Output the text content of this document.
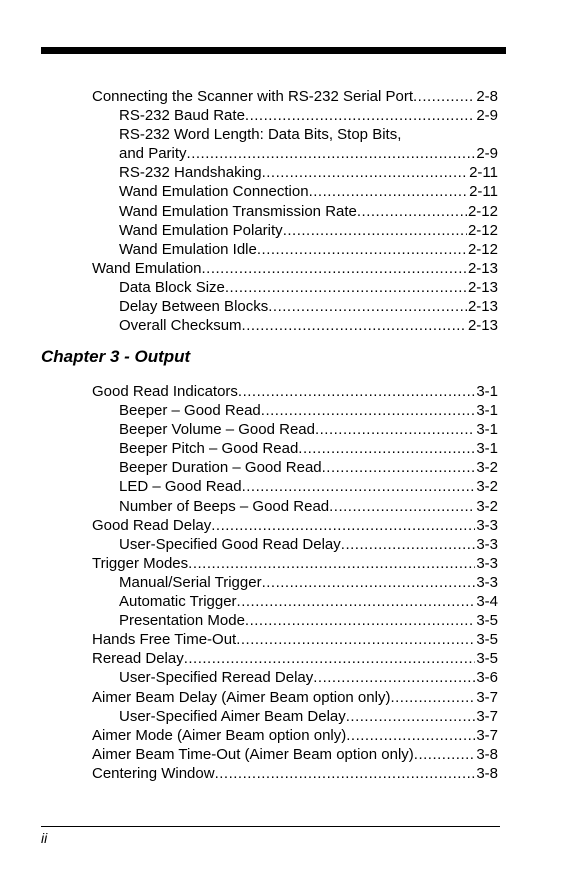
Connecting the Scanner with RS-232 Serial Port .....	2-8
RS-232 Baud Rate .....	2-9
RS-232 Word Length: Data Bits, Stop Bits,
and Parity .....	2-9
RS-232 Handshaking .....	2-11
Wand Emulation Connection .....	2-11
Wand Emulation Transmission Rate .....	2-12
Wand Emulation Polarity .....	2-12
Wand Emulation Idle .....	2-12
Wand Emulation .....	2-13
Data Block Size .....	2-13
Delay Between Blocks .....	2-13
Overall Checksum .....	2-13
Chapter 3 - Output
Good Read Indicators .....	3-1
Beeper – Good Read .....	3-1
Beeper Volume – Good Read .....	3-1
Beeper Pitch – Good Read .....	3-1
Beeper Duration – Good Read .....	3-2
LED – Good Read .....	3-2
Number of Beeps – Good Read .....	3-2
Good Read Delay .....	3-3
User-Specified Good Read Delay .....	3-3
Trigger Modes .....	3-3
Manual/Serial Trigger .....	3-3
Automatic Trigger .....	3-4
Presentation Mode .....	3-5
Hands Free Time-Out .....	3-5
Reread Delay .....	3-5
User-Specified Reread Delay .....	3-6
Aimer Beam Delay (Aimer Beam option only) .....	3-7
User-Specified Aimer Beam Delay .....	3-7
Aimer Mode (Aimer Beam option only) .....	3-7
Aimer Beam Time-Out (Aimer Beam option only) .....	3-8
Centering Window .....	3-8
ii
